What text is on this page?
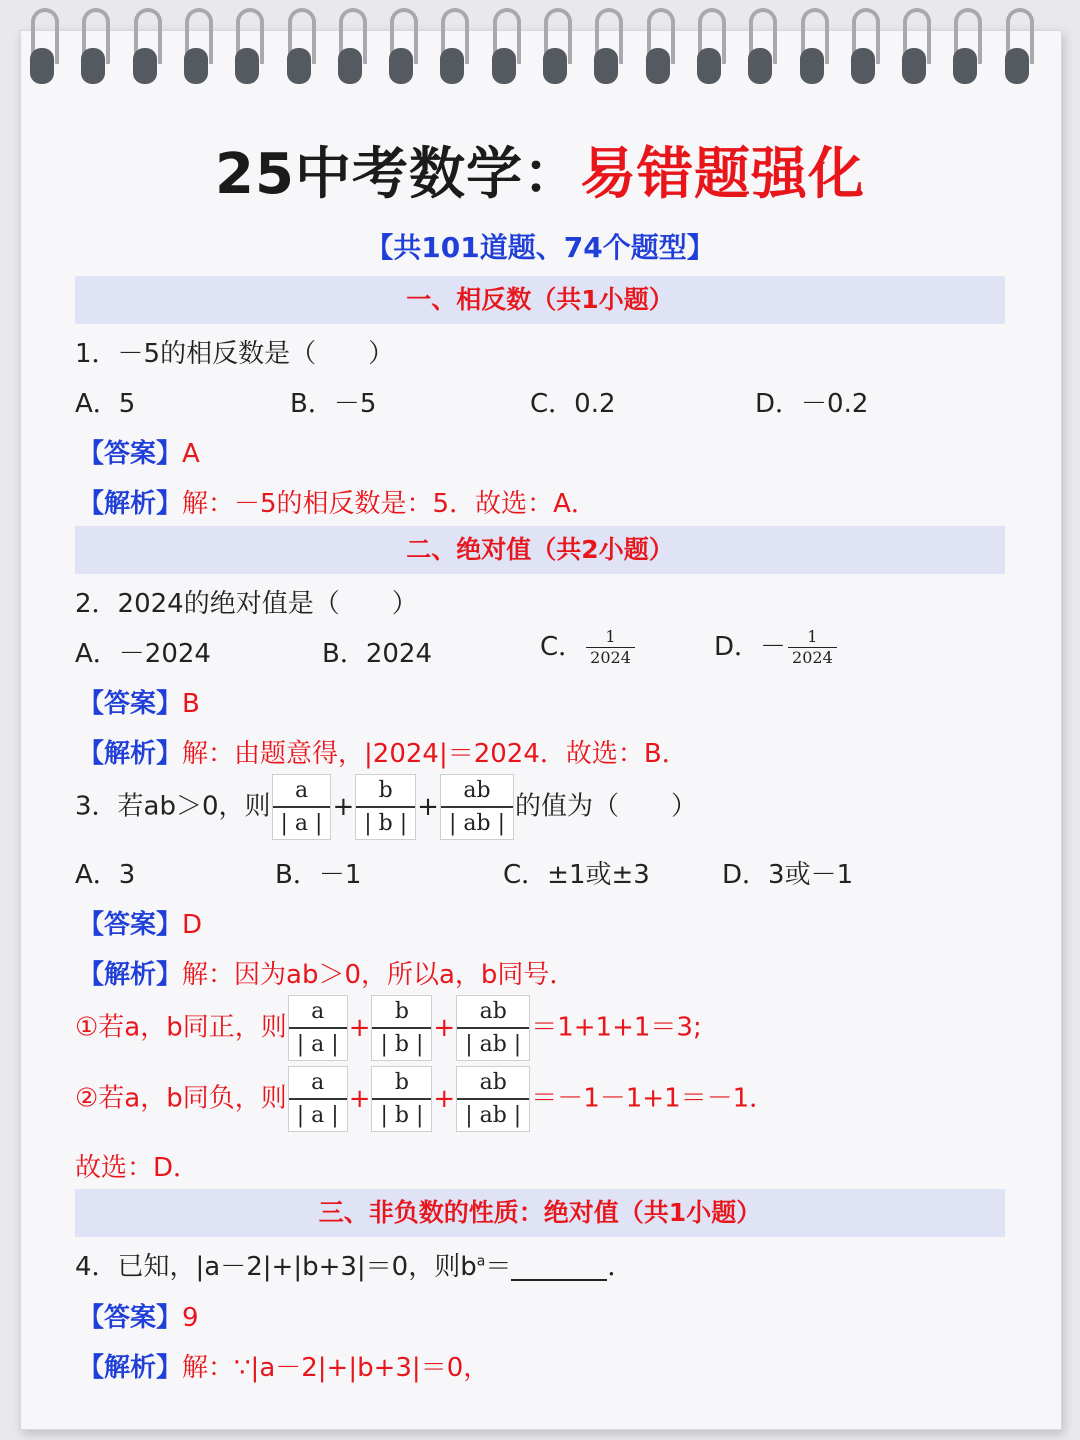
25中考数学：易错题强化
【共101道题、74个题型】
一、相反数（共1小题）
1．－5的相反数是（　　）
A．5	B．－5	C．0.2	D．－0.2
【答案】A
【解析】解：－5的相反数是：5．故选：A．
二、绝对值（共2小题）
2．2024的绝对值是（　　）
A．－2024	B．2024	C． $\frac{1}{2024}$	D．－ $\frac{1}{2024}$
【答案】B
【解析】解：由题意得，|2024|＝2024．故选：B．
3．若ab＞0，则 $\frac{a}{| a |} + \frac{b}{| b |} + \frac{ab}{| ab |}$ 的值为（　　）
A．3	B．－1	C．±1或±3	D．3或－1
【答案】D
【解析】解：因为ab＞0，所以a，b同号．
①若a，b同正，则 $\frac{a}{| a |} + \frac{b}{| b |} + \frac{ab}{| ab |} =1+1+1=3$;
②若a，b同负，则 $\frac{a}{| a |} + \frac{b}{| b |} + \frac{ab}{| ab |} =-1-1+1=-1$．
故选：D．
三、非负数的性质：绝对值（共1小题）
4．已知，|a－2|+|b+3|＝0，则$b^a=$	．
【答案】9
【解析】解：∵|a－2|+|b+3|＝0，
